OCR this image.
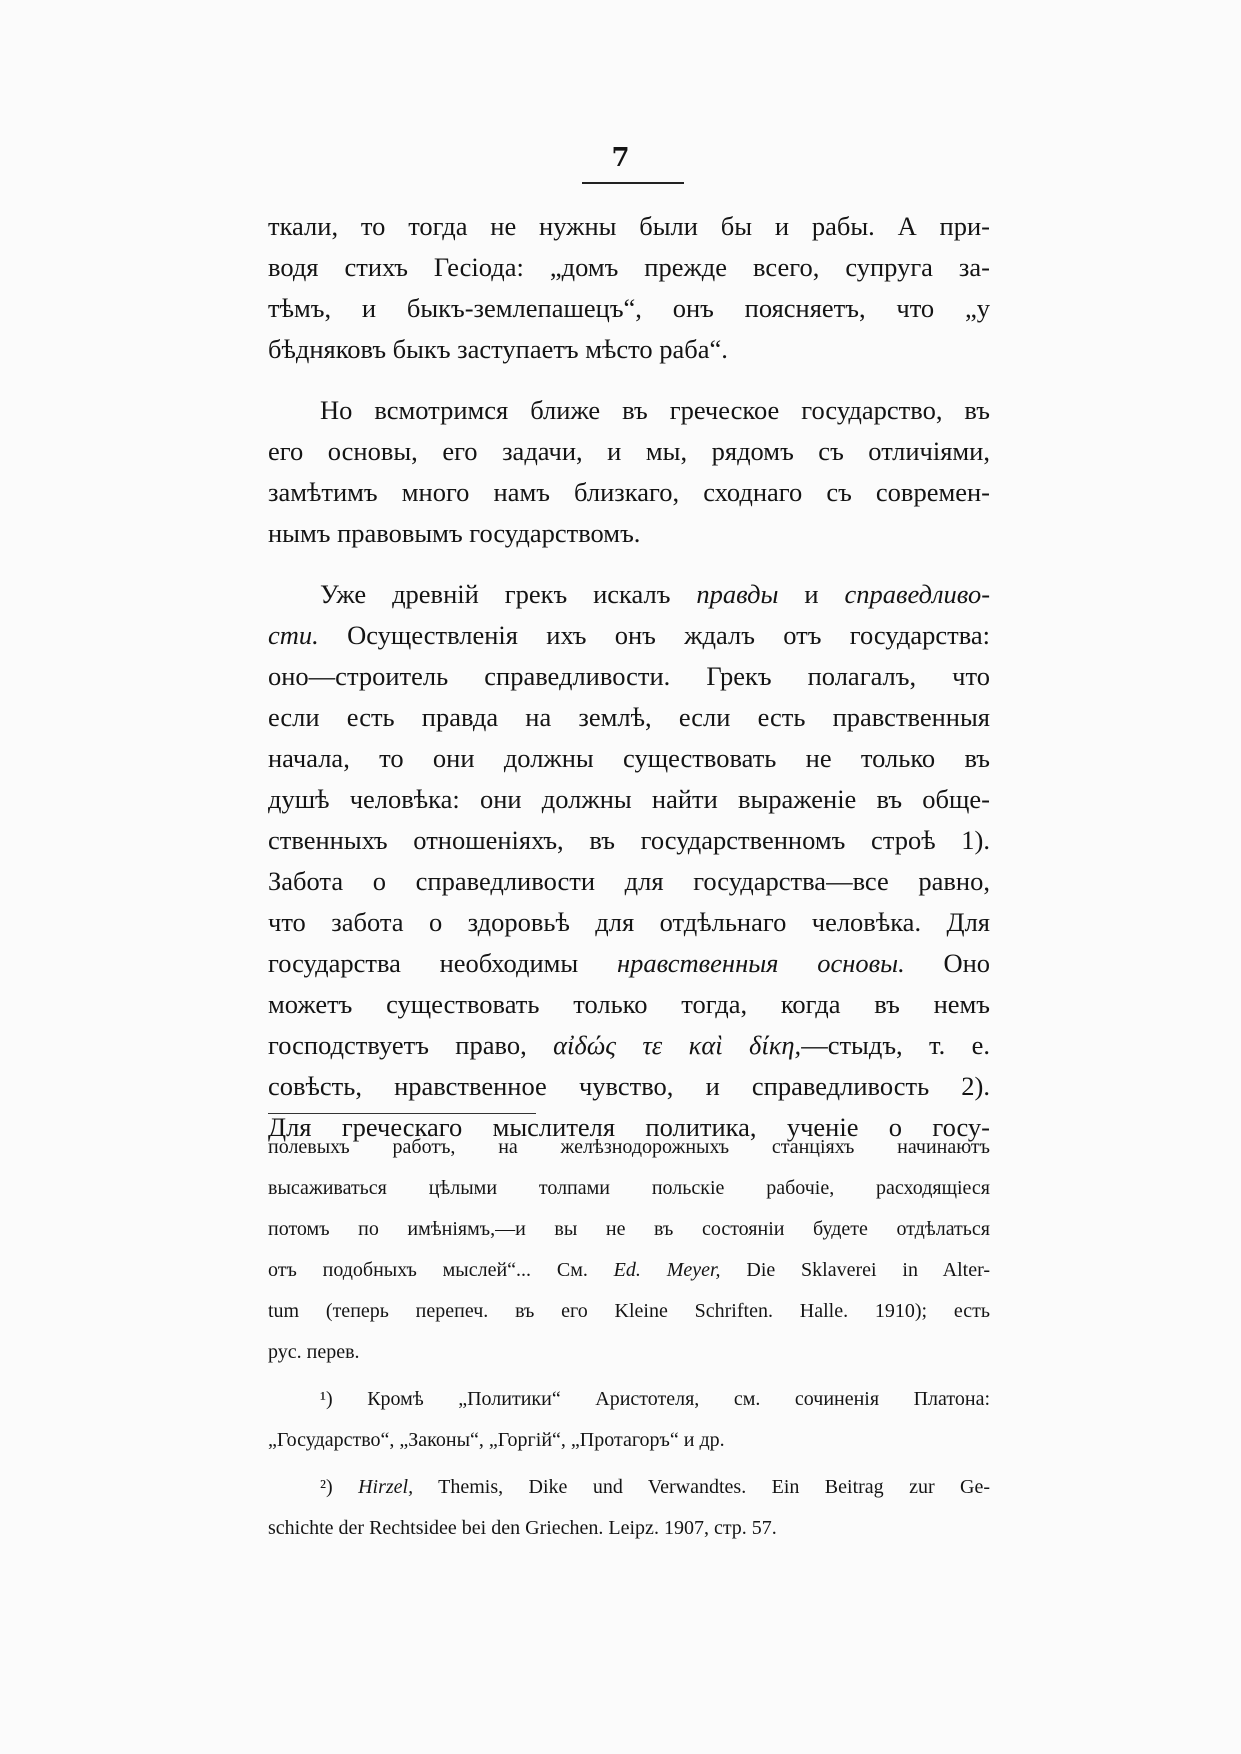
7
ткали, то тогда не нужны были бы и рабы. А при-
водя стихъ Гесіода: „домъ прежде всего, супруга за-
тѣмъ, и быкъ-землепашецъ“, онъ поясняетъ, что „у
бѣдняковъ быкъ заступаетъ мѣсто раба“.
Но всмотримся ближе въ греческое государство, въ
его основы, его задачи, и мы, рядомъ съ отличіями,
замѣтимъ много намъ близкаго, сходнаго съ современ-
нымъ правовымъ государствомъ.
Уже древній грекъ искалъ правды и справедливо-
сти. Осуществленія ихъ онъ ждалъ отъ государства:
оно—строитель справедливости. Грекъ полагалъ, что
если есть правда на землѣ, если есть правственныя
начала, то они должны существовать не только въ
душѣ человѣка: они должны найти выраженіе въ обще-
ственныхъ отношеніяхъ, въ государственномъ строѣ 1).
Забота о справедливости для государства—все равно,
что забота о здоровьѣ для отдѣльнаго человѣка. Для
государства необходимы нравственныя основы. Оно
можетъ существовать только тогда, когда въ немъ
господствуетъ право, αἰδώς τε καὶ δίκη,—стыдъ, т. е.
совѣсть, нравственное чувство, и справедливость 2).
Для греческаго мыслителя политика, ученіе о госу-
полевыхъ работъ, на желѣзнодорожныхъ станціяхъ начинаютъ
высаживаться цѣлыми толпами польскіе рабочіе, расходящіеся
потомъ по имѣніямъ,—и вы не въ состояніи будете отдѣлаться
отъ подобныхъ мыслей“... См. Ed. Meyer, Die Sklaverei in Alter-
tum (теперь перепеч. въ его Kleine Schriften. Halle. 1910); есть
рус. перев.
¹) Кромѣ „Политики“ Аристотеля, см. сочиненія Платона:
„Государство“, „Законы“, „Горгій“, „Протагоръ“ и др.
²) Hirzel, Themis, Dike und Verwandtes. Ein Beitrag zur Ge-
schichte der Rechtsidee bei den Griechen. Leipz. 1907, стр. 57.
